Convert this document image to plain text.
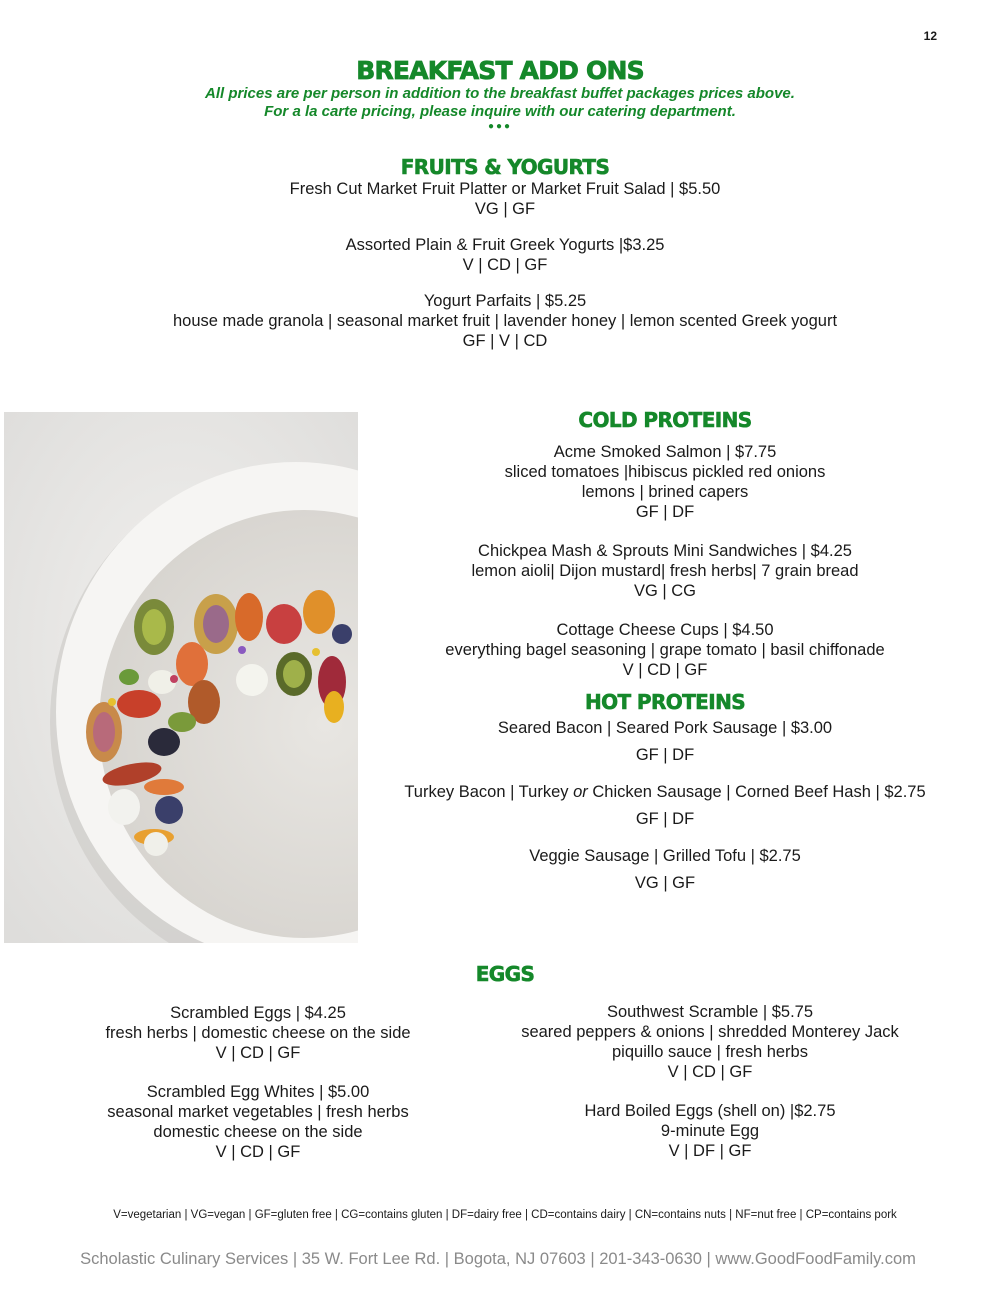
12
BREAKFAST ADD ONS
All prices are per person in addition to the breakfast buffet packages prices above.
For a la carte pricing, please inquire with our catering department.
●●●
FRUITS & YOGURTS
Fresh Cut Market Fruit Platter or Market Fruit Salad | $5.50
VG | GF
Assorted Plain & Fruit Greek Yogurts |$3.25
V | CD | GF
Yogurt Parfaits | $5.25
house made granola | seasonal market fruit | lavender honey | lemon scented Greek yogurt
GF | V | CD
COLD PROTEINS
Acme Smoked Salmon | $7.75
sliced tomatoes |hibiscus pickled red onions
lemons | brined capers
GF | DF
Chickpea Mash & Sprouts Mini Sandwiches | $4.25
lemon aioli| Dijon mustard| fresh herbs| 7 grain bread
VG | CG
Cottage Cheese Cups | $4.50
everything bagel seasoning | grape tomato | basil chiffonade
V | CD | GF
HOT PROTEINS
Seared Bacon | Seared Pork Sausage | $3.00
GF | DF
Turkey Bacon | Turkey or Chicken Sausage | Corned Beef Hash | $2.75
GF | DF
Veggie Sausage | Grilled Tofu | $2.75
VG | GF
EGGS
Scrambled Eggs | $4.25
fresh herbs | domestic cheese on the side
V | CD | GF
Scrambled Egg Whites | $5.00
seasonal market vegetables | fresh herbs
domestic cheese on the side
V | CD | GF
Southwest Scramble | $5.75
seared peppers & onions | shredded Monterey Jack
piquillo sauce | fresh herbs
V | CD | GF
Hard Boiled Eggs (shell on) |$2.75
9-minute Egg
V | DF | GF
V=vegetarian | VG=vegan | GF=gluten free | CG=contains gluten | DF=dairy free | CD=contains dairy | CN=contains nuts | NF=nut free | CP=contains pork
Scholastic Culinary Services | 35 W. Fort Lee Rd. | Bogota, NJ 07603 | 201-343-0630 | www.GoodFoodFamily.com
